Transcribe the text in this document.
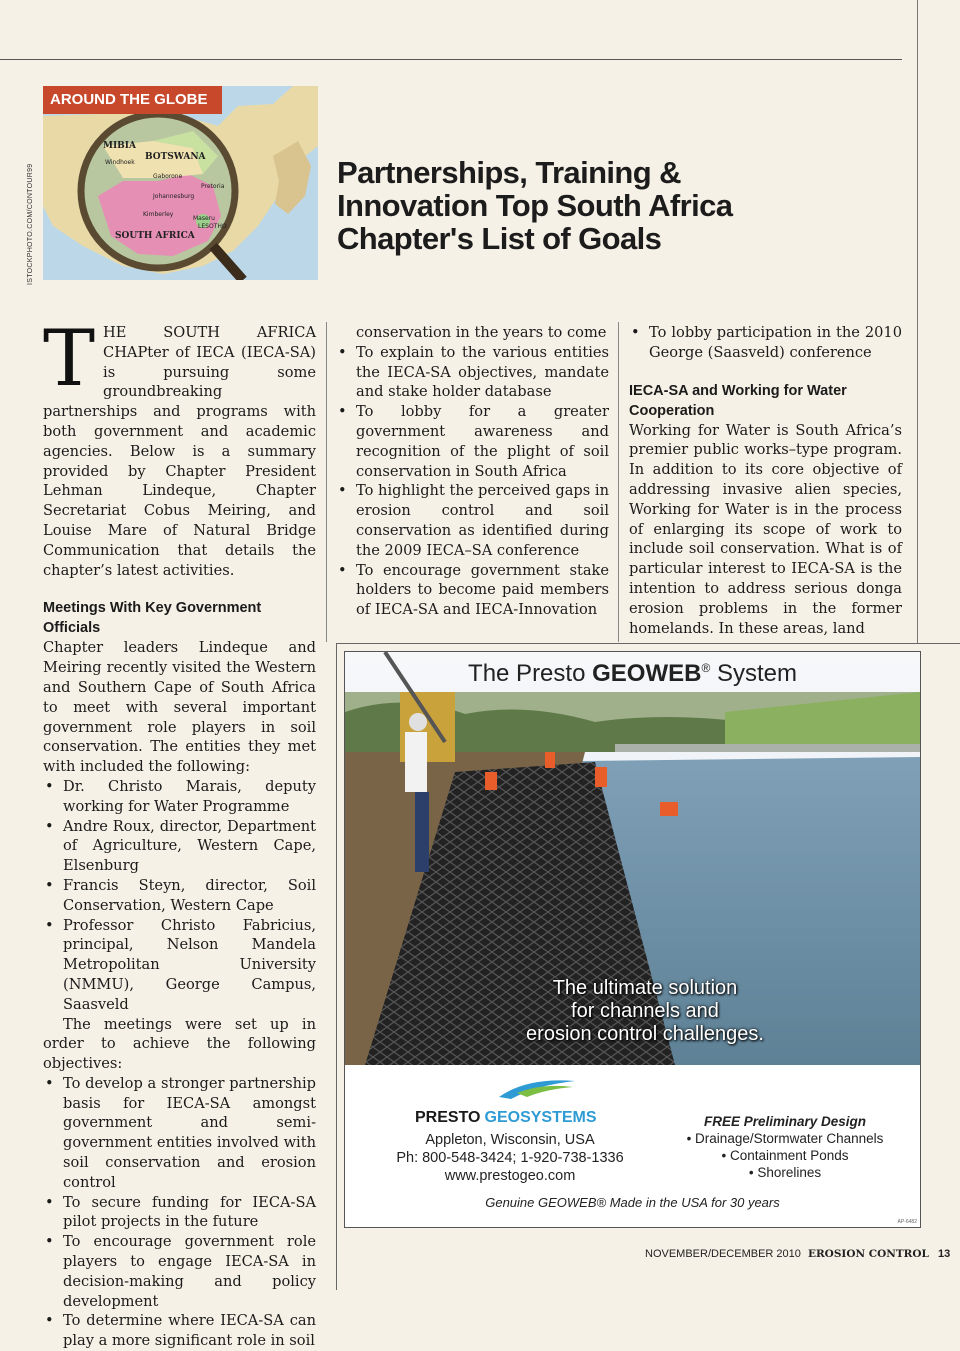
ISTOCKPHOTO.COM/CONTOUR99
MIBIA
BOTSWANA
Windhoek
Gaborone
Johannesburg
Pretoria
Kimberley
SOUTH AFRICA
Maseru
LESOTHO
AROUND THE GLOBE
Partnerships, Training & Innovation Top South Africa Chapter's List of Goals

THE SOUTH AFRICA CHAPter of IECA (IECA-SA) is pursuing some groundbreaking partnerships and programs with both government and academic agencies. Below is a summary provided by Chapter President Lehman Lindeque, Chapter Secretariat Cobus Meiring, and Louise Mare of Natural Bridge Communication that details the chapter’s latest activities.

Meetings With Key Government Officials

Chapter leaders Lindeque and Meiring recently visited the Western and Southern Cape of South Africa to meet with several important government role players in soil conservation. The entities they met with included the following:

• Dr. Christo Marais, deputy working for Water Programme
• Andre Roux, director, Department of Agriculture, Western Cape, Elsenburg
• Francis Steyn, director, Soil Conservation, Western Cape
• Professor Christo Fabricius, principal, Nelson Mandela Metropolitan University (NMMU), George Campus, Saasveld

The meetings were set up in order to achieve the following objectives:

• To develop a stronger partnership basis for IECA-SA amongst government and semi-government entities involved with soil conservation and erosion control
• To secure funding for IECA-SA pilot projects in the future
• To encourage government role players to engage IECA-SA in decision-making and policy development
• To determine where IECA-SA can play a more significant role in soil

conservation in the years to come

• To explain to the various entities the IECA-SA objectives, mandate and stake holder database
• To lobby for a greater government awareness and recognition of the plight of soil conservation in South Africa
• To highlight the perceived gaps in erosion control and soil conservation as identified during the 2009 IECA–SA conference
• To encourage government stake holders to become paid members of IECA-SA and IECA-Innovation
• To lobby participation in the 2010 George (Saasveld) conference
IECA-SA and Working for Water Cooperation

Working for Water is South Africa’s premier public works–type program. In addition to its core objective of addressing invasive alien species, Working for Water is in the process of enlarging its scope of work to include soil conservation. What is of particular interest to IECA-SA is the intention to address serious donga erosion problems in the former homelands. In these areas, land

The Presto GEOWEB® System
The ultimate solution
for channels and
erosion control challenges.
PRESTO GEOSYSTEMS
Appleton, Wisconsin, USA
Ph: 800-548-3424; 1-920-738-1336
www.prestogeo.com
FREE Preliminary Design
• Drainage/Stormwater Channels
• Containment Ponds
• Shorelines
Genuine GEOWEB® Made in the USA for 30 years
AP-6482
NOVEMBER/DECEMBER 2010 EROSION CONTROL 13
